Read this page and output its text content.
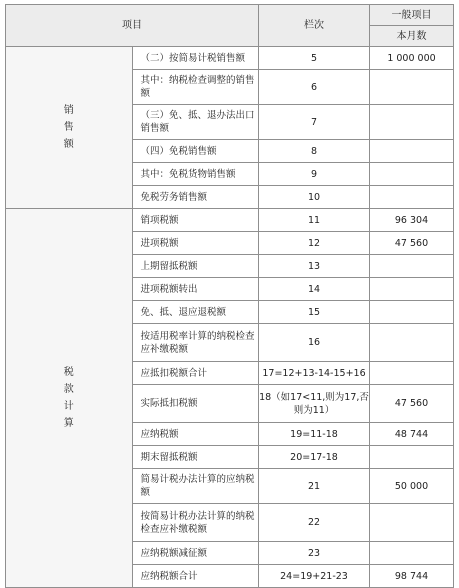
项目		栏次	一般项目
			本月数
销售额	（二）按简易计税销售额	5	1 000 000
	其中：纳税检查调整的销售额	6	
	（三）免、抵、退办法出口销售额	7	
	（四）免税销售额	8	
	其中：免税货物销售额	9	
	免税劳务销售额	10	
税款计算	销项税额	11	96 304
	进项税额	12	47 560
	上期留抵税额	13	
	进项税额转出	14	
	免、抵、退应退税额	15	
	按适用税率计算的纳税检查应补缴税额	16	
	应抵扣税额合计	17=12+13-14-15+16	
	实际抵扣税额	18（如17<11,则为17,否则为11）	47 560
	应纳税额	19=11-18	48 744
	期末留抵税额	20=17-18	
	简易计税办法计算的应纳税额	21	50 000
	按简易计税办法计算的纳税检查应补缴税额	22	
	应纳税额减征额	23	
	应纳税额合计	24=19+21-23	98 744
